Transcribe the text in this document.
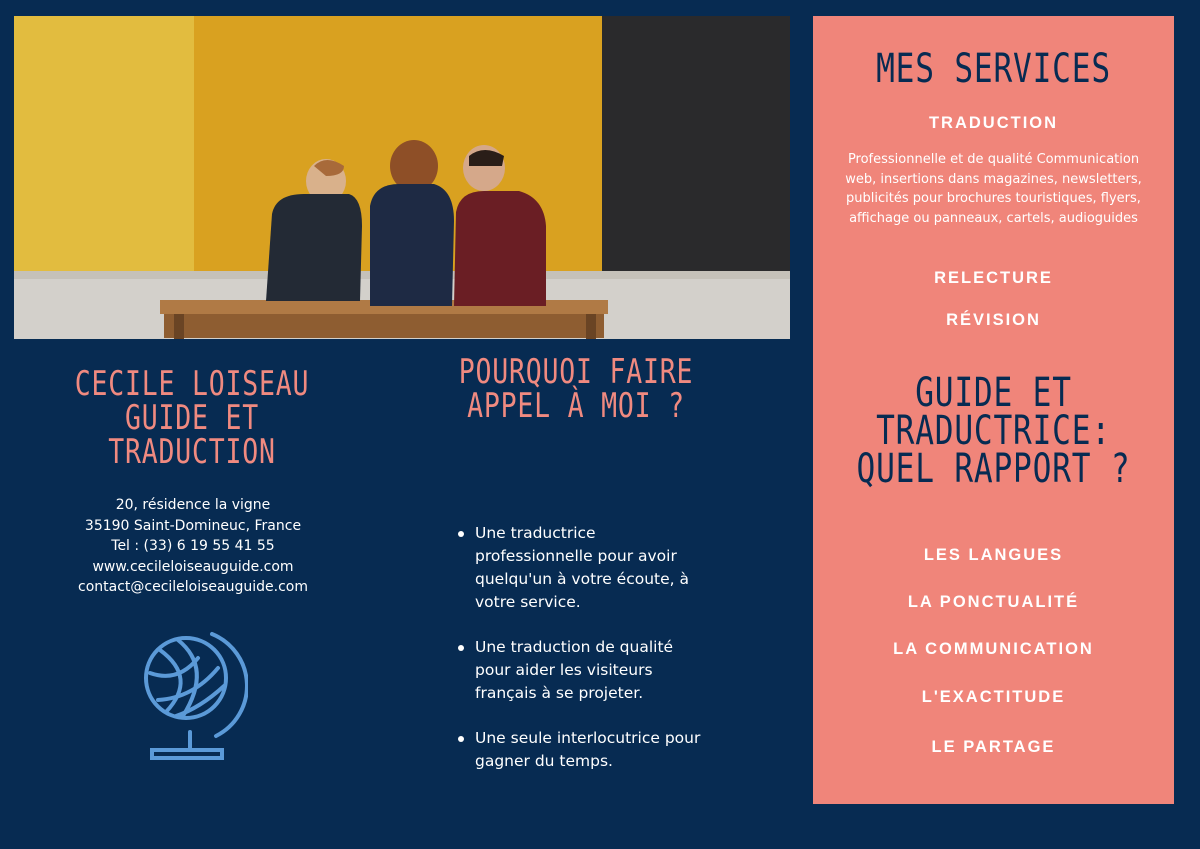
CECILE LOISEAU GUIDE ET TRADUCTION
20, résidence la vigne
35190 Saint-Domineuc, France
Tel : (33) 6 19 55 41 55
www.cecileloiseauguide.com
contact@cecileloiseauguide.com
POURQUOI FAIRE APPEL À MOI ?
Une traductrice professionnelle pour avoir quelqu'un à votre écoute, à votre service.
Une traduction de qualité pour aider les visiteurs français à se projeter.
Une seule interlocutrice pour gagner du temps.
MES SERVICES
TRADUCTION
Professionnelle et de qualité Communication web, insertions dans magazines, newsletters, publicités pour brochures touristiques, flyers, affichage ou panneaux, cartels, audioguides
RELECTURE
RÉVISION
GUIDE ET TRADUCTRICE: QUEL RAPPORT ?
LES LANGUES
LA PONCTUALITÉ
LA COMMUNICATION
L'EXACTITUDE
LE PARTAGE
